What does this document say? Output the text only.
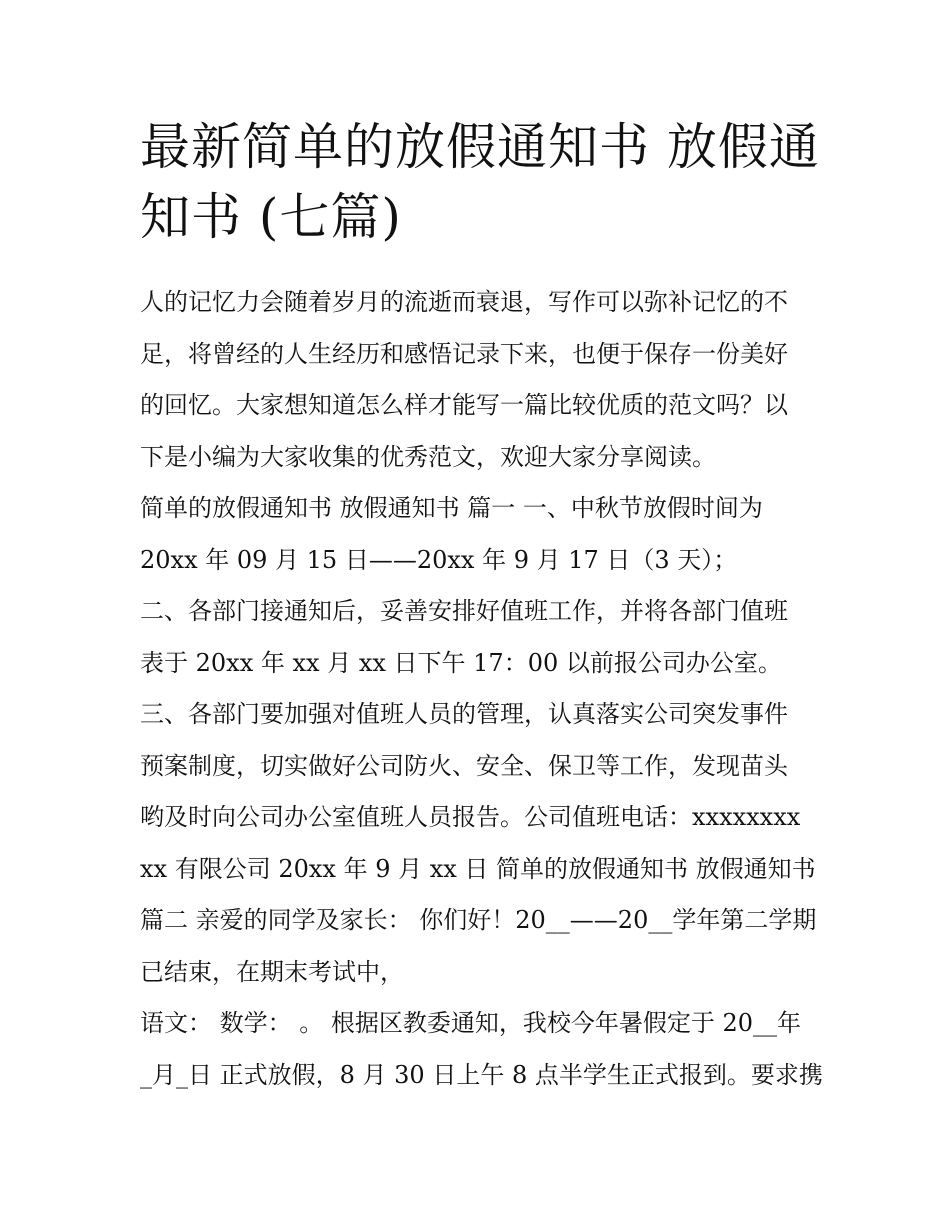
最新简单的放假通知书 放假通
知书 (七篇)
人的记忆力会随着岁月的流逝而衰退，写作可以弥补记忆的不
足，将曾经的人生经历和感悟记录下来，也便于保存一份美好
的回忆。大家想知道怎么样才能写一篇比较优质的范文吗？以
下是小编为大家收集的优秀范文，欢迎大家分享阅读。
简单的放假通知书 放假通知书 篇一 一、中秋节放假时间为
20xx 年 09 月 15 日——20xx 年 9 月 17 日（3 天）；
二、各部门接通知后，妥善安排好值班工作，并将各部门值班
表于 20xx 年 xx 月 xx 日下午 17：00 以前报公司办公室。
三、各部门要加强对值班人员的管理，认真落实公司突发事件
预案制度，切实做好公司防火、安全、保卫等工作，发现苗头
哟及时向公司办公室值班人员报告。公司值班电话：xxxxxxxx
xx 有限公司 20xx 年 9 月 xx 日 简单的放假通知书 放假通知书
篇二 亲爱的同学及家长： 你们好！20__——20__学年第二学期
已结束，在期末考试中，
语文： 数学： 。 根据区教委通知，我校今年暑假定于 20__年
_月_日 正式放假，8 月 30 日上午 8 点半学生正式报到。要求携
